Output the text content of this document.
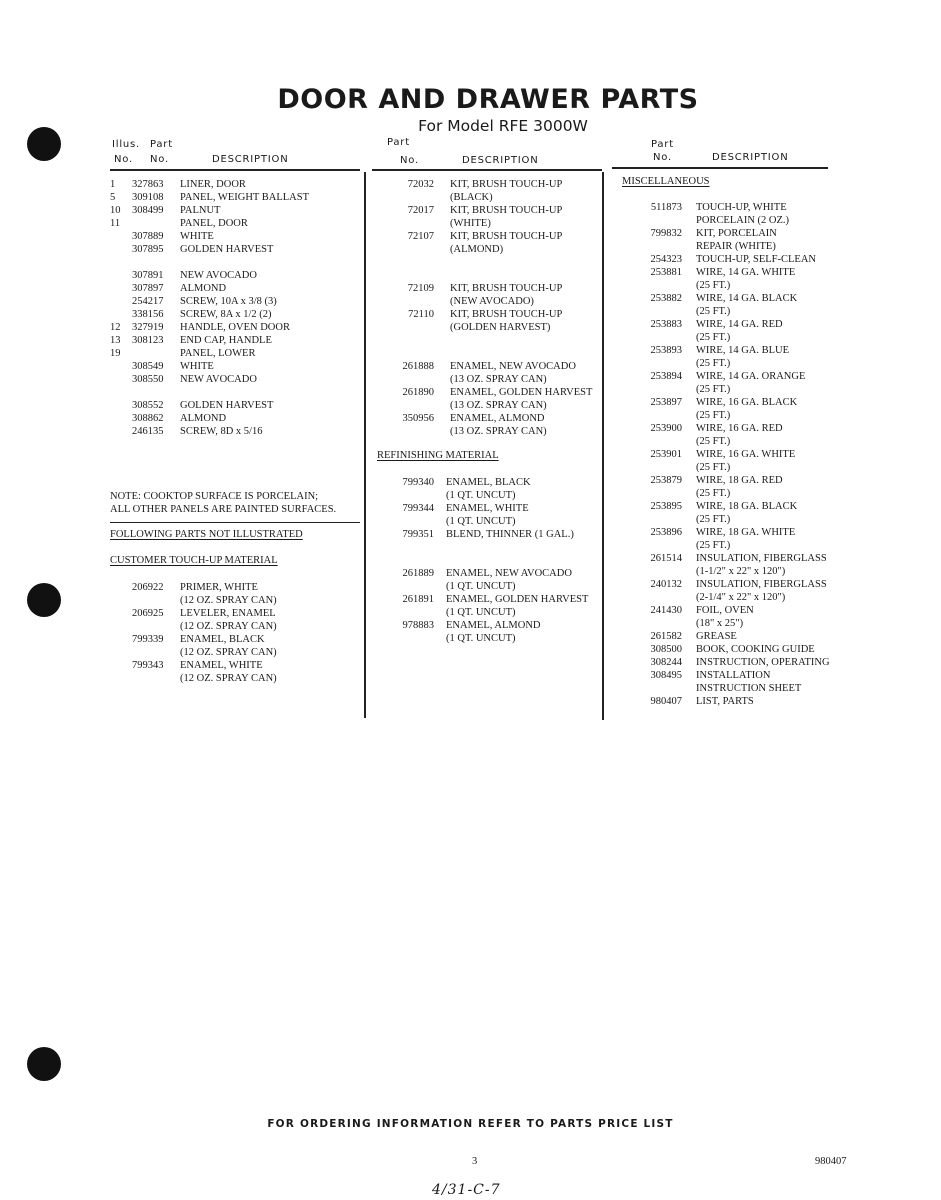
DOOR AND DRAWER PARTS
For Model RFE 3000W
Illus. Part
No. No.	DESCRIPTION
Part
No.	DESCRIPTION
Part
No.	DESCRIPTION
1 327863 LINER, DOOR
5 309108 PANEL, WEIGHT BALLAST
10 308499 PALNUT
11	PANEL, DOOR
307889 WHITE
307895 GOLDEN HARVEST
307891 NEW AVOCADO
307897 ALMOND
254217 SCREW, 10A x 3/8 (3)
338156 SCREW, 8A x 1/2 (2)
12 327919 HANDLE, OVEN DOOR
13 308123 END CAP, HANDLE
19	PANEL, LOWER
308549 WHITE
308550 NEW AVOCADO
308552 GOLDEN HARVEST
308862 ALMOND
246135 SCREW, 8D x 5/16
NOTE: COOKTOP SURFACE IS PORCELAIN;
ALL OTHER PANELS ARE PAINTED SURFACES.
FOLLOWING PARTS NOT ILLUSTRATED
CUSTOMER TOUCH-UP MATERIAL
206922 PRIMER, WHITE
(12 OZ. SPRAY CAN)
206925 LEVELER, ENAMEL
(12 OZ. SPRAY CAN)
799339 ENAMEL, BLACK
(12 OZ. SPRAY CAN)
799343 ENAMEL, WHITE
(12 OZ. SPRAY CAN)
72032 KIT, BRUSH TOUCH-UP
(BLACK)
72017 KIT, BRUSH TOUCH-UP
(WHITE)
72107 KIT, BRUSH TOUCH-UP
(ALMOND)
72109 KIT, BRUSH TOUCH-UP
(NEW AVOCADO)
72110 KIT, BRUSH TOUCH-UP
(GOLDEN HARVEST)
261888 ENAMEL, NEW AVOCADO
(13 OZ. SPRAY CAN)
261890 ENAMEL, GOLDEN HARVEST
(13 OZ. SPRAY CAN)
350956 ENAMEL, ALMOND
(13 OZ. SPRAY CAN)
REFINISHING MATERIAL
799340 ENAMEL, BLACK
(1 QT. UNCUT)
799344 ENAMEL, WHITE
(1 QT. UNCUT)
799351 BLEND, THINNER (1 GAL.)
261889 ENAMEL, NEW AVOCADO
(1 QT. UNCUT)
261891 ENAMEL, GOLDEN HARVEST
(1 QT. UNCUT)
978883 ENAMEL, ALMOND
(1 QT. UNCUT)
MISCELLANEOUS
511873 TOUCH-UP, WHITE
PORCELAIN (2 OZ.)
799832 KIT, PORCELAIN
REPAIR (WHITE)
254323 TOUCH-UP, SELF-CLEAN
253881 WIRE, 14 GA. WHITE
(25 FT.)
253882 WIRE, 14 GA. BLACK
(25 FT.)
253883 WIRE, 14 GA. RED
(25 FT.)
253893 WIRE, 14 GA. BLUE
(25 FT.)
253894 WIRE, 14 GA. ORANGE
(25 FT.)
253897 WIRE, 16 GA. BLACK
(25 FT.)
253900 WIRE, 16 GA. RED
(25 FT.)
253901 WIRE, 16 GA. WHITE
(25 FT.)
253879 WIRE, 18 GA. RED
(25 FT.)
253895 WIRE, 18 GA. BLACK
(25 FT.)
253896 WIRE, 18 GA. WHITE
(25 FT.)
261514 INSULATION, FIBERGLASS
(1-1/2" x 22" x 120")
240132 INSULATION, FIBERGLASS
(2-1/4" x 22" x 120")
241430 FOIL, OVEN
(18" x 25")
261582 GREASE
308500 BOOK, COOKING GUIDE
308244 INSTRUCTION, OPERATING
308495 INSTALLATION
INSTRUCTION SHEET
980407 LIST, PARTS
FOR ORDERING INFORMATION REFER TO PARTS PRICE LIST
3	980407
4/31-C-7
